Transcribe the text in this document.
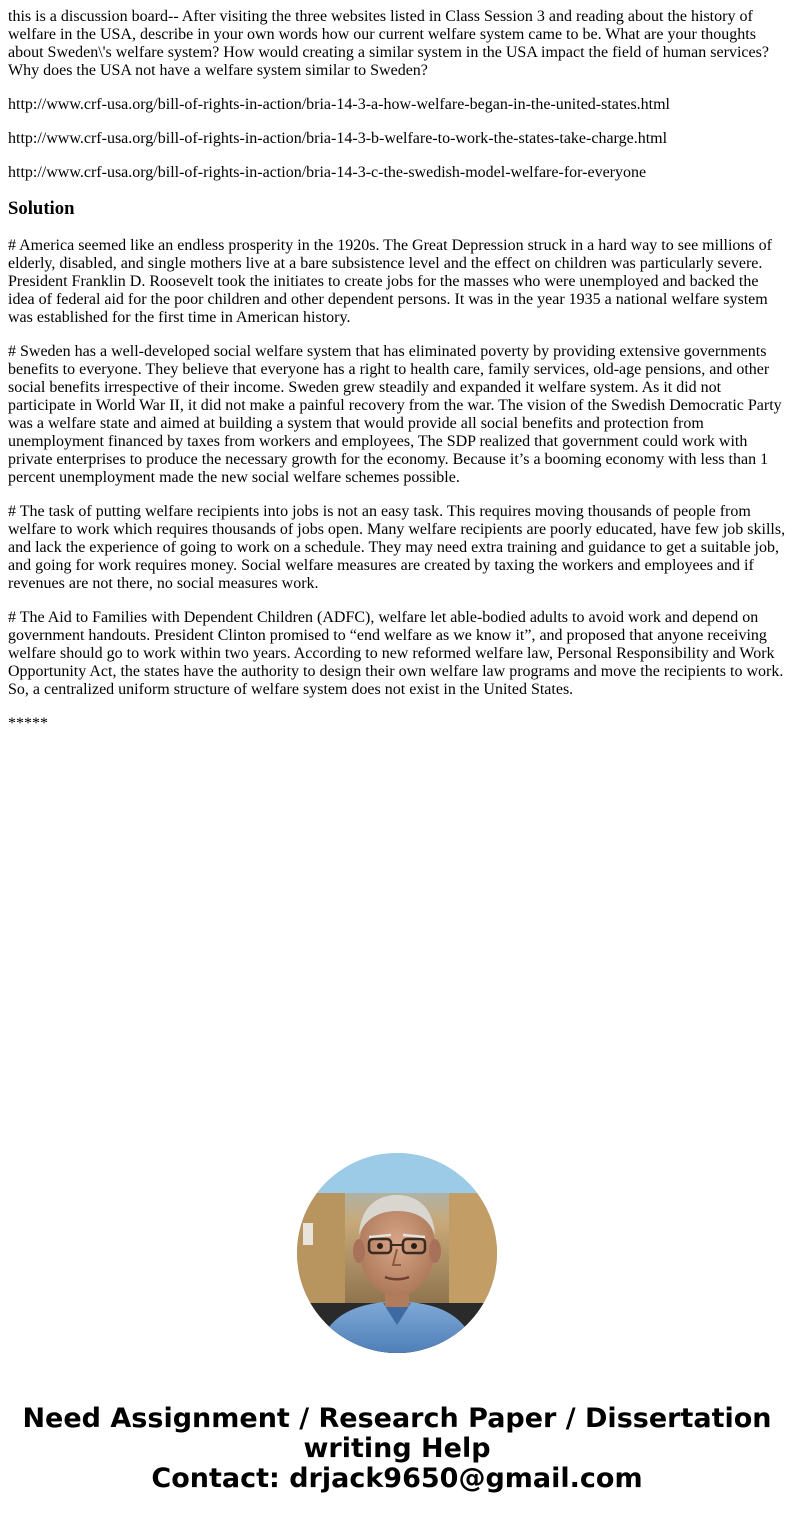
this is a discussion board-- After visiting the three websites listed in Class Session 3 and reading about the history of welfare in the USA, describe in your own words how our current welfare system came to be. What are your thoughts about Sweden\'s welfare system? How would creating a similar system in the USA impact the field of human services? Why does the USA not have a welfare system similar to Sweden?

http://www.crf-usa.org/bill-of-rights-in-action/bria-14-3-a-how-welfare-began-in-the-united-states.html

http://www.crf-usa.org/bill-of-rights-in-action/bria-14-3-b-welfare-to-work-the-states-take-charge.html

http://www.crf-usa.org/bill-of-rights-in-action/bria-14-3-c-the-swedish-model-welfare-for-everyone

Solution

# America seemed like an endless prosperity in the 1920s. The Great Depression struck in a hard way to see millions of elderly, disabled, and single mothers live at a bare subsistence level and the effect on children was particularly severe. President Franklin D. Roosevelt took the initiates to create jobs for the masses who were unemployed and backed the idea of federal aid for the poor children and other dependent persons. It was in the year 1935 a national welfare system was established for the first time in American history.

# Sweden has a well-developed social welfare system that has eliminated poverty by providing extensive governments benefits to everyone. They believe that everyone has a right to health care, family services, old-age pensions, and other social benefits irrespective of their income. Sweden grew steadily and expanded it welfare system. As it did not participate in World War II, it did not make a painful recovery from the war. The vision of the Swedish Democratic Party was a welfare state and aimed at building a system that would provide all social benefits and protection from unemployment financed by taxes from workers and employees, The SDP realized that government could work with private enterprises to produce the necessary growth for the economy. Because it’s a booming economy with less than 1 percent unemployment made the new social welfare schemes possible.

# The task of putting welfare recipients into jobs is not an easy task. This requires moving thousands of people from welfare to work which requires thousands of jobs open. Many welfare recipients are poorly educated, have few job skills, and lack the experience of going to work on a schedule. They may need extra training and guidance to get a suitable job, and going for work requires money. Social welfare measures are created by taxing the workers and employees and if revenues are not there, no social measures work.

# The Aid to Families with Dependent Children (ADFC), welfare let able-bodied adults to avoid work and depend on government handouts. President Clinton promised to “end welfare as we know it”, and proposed that anyone receiving welfare should go to work within two years. According to new reformed welfare law, Personal Responsibility and Work Opportunity Act, the states have the authority to design their own welfare law programs and move the recipients to work. So, a centralized uniform structure of welfare system does not exist in the United States.

*****

Need Assignment / Research Paper / Dissertation
writing Help
Contact: drjack9650@gmail.com
